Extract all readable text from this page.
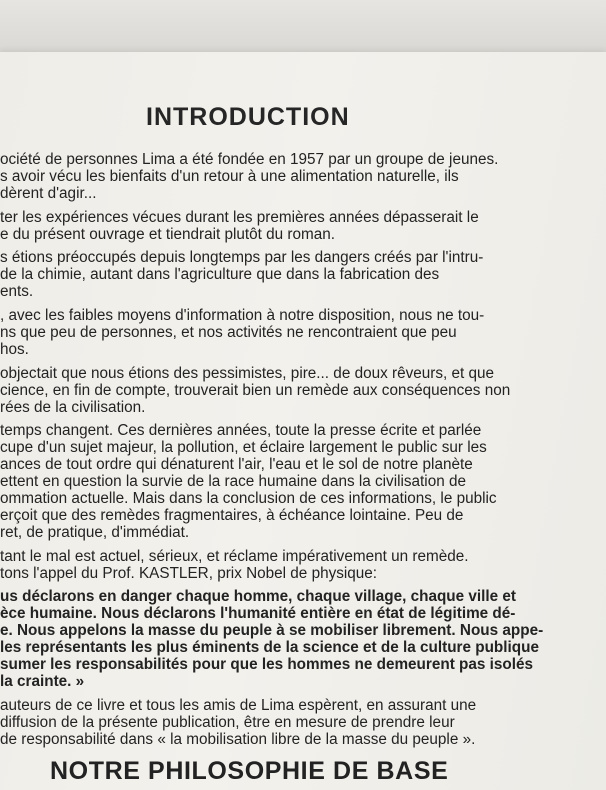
INTRODUCTION
ociété de personnes Lima a été fondée en 1957 par un groupe de jeunes.
s avoir vécu les bienfaits d'un retour à une alimentation naturelle, ils
dèrent d'agir...
ter les expériences vécues durant les premières années dépasserait le
e du présent ouvrage et tiendrait plutôt du roman.
s étions préoccupés depuis longtemps par les dangers créés par l'intru-
de la chimie, autant dans l'agriculture que dans la fabrication des
ents.
, avec les faibles moyens d'information à notre disposition, nous ne tou-
ns que peu de personnes, et nos activités ne rencontraient que peu
hos.
objectait que nous étions des pessimistes, pire... de doux rêveurs, et que
cience, en fin de compte, trouverait bien un remède aux conséquences non
rées de la civilisation.
temps changent. Ces dernières années, toute la presse écrite et parlée
cupe d'un sujet majeur, la pollution, et éclaire largement le public sur les
ances de tout ordre qui dénaturent l'air, l'eau et le sol de notre planète
ettent en question la survie de la race humaine dans la civilisation de
ommation actuelle. Mais dans la conclusion de ces informations, le public
erçoit que des remèdes fragmentaires, à échéance lointaine. Peu de
ret, de pratique, d'immédiat.
tant le mal est actuel, sérieux, et réclame impérativement un remède.
tons l'appel du Prof. KASTLER, prix Nobel de physique:
us déclarons en danger chaque homme, chaque village, chaque ville et
èce humaine. Nous déclarons l'humanité entière en état de légitime dé-
e. Nous appelons la masse du peuple à se mobiliser librement. Nous appe-
les représentants les plus éminents de la science et de la culture publique
sumer les responsabilités pour que les hommes ne demeurent pas isolés
la crainte. »
auteurs de ce livre et tous les amis de Lima espèrent, en assurant une
diffusion de la présente publication, être en mesure de prendre leur
de responsabilité dans « la mobilisation libre de la masse du peuple ».
NOTRE PHILOSOPHIE DE BASE
